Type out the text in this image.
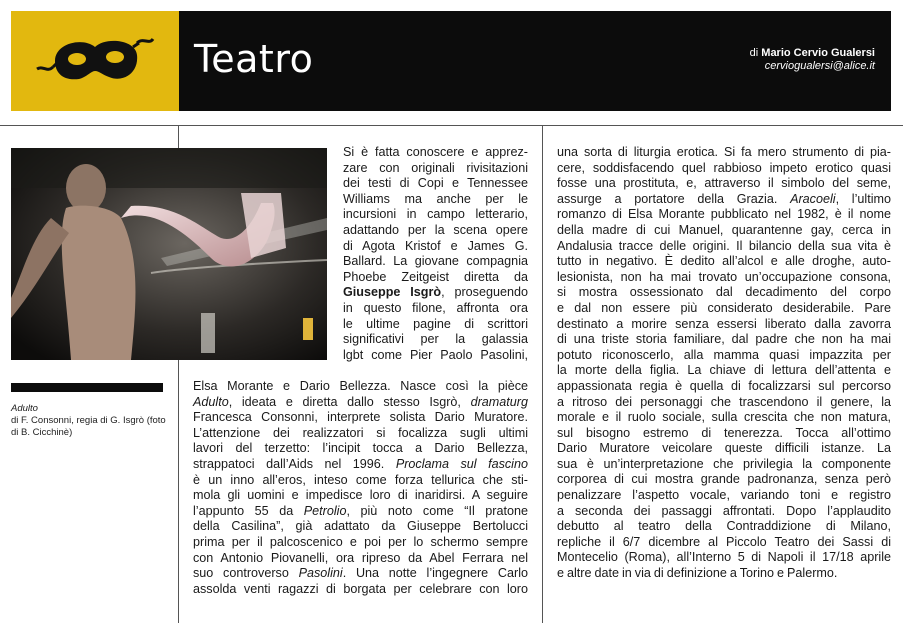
Teatro	di Mario Cervio Gualersi
cerviogualersi@alice.it
Adulto
di F. Consonni, regia di G. Isgrò (foto di B. Cicchinè)
Si è fatta conoscere e apprez-
zare con originali rivisitazioni
dei testi di Copi e Tennessee
Williams ma anche per le
incursioni in campo letterario,
adattando per la scena opere
di Agota Kristof e James G.
Ballard. La giovane compagnia
Phoebe Zeitgeist diretta da
Giuseppe Isgrò, proseguendo
in questo filone, affronta ora
le ultime pagine di scrittori
significativi per la galassia
lgbt come Pier Paolo Pasolini,
Elsa Morante e Dario Bellezza. Nasce così la pièce
Adulto, ideata e diretta dallo stesso Isgrò, dramaturg
Francesca Consonni, interprete solista Dario Muratore.
L’attenzione dei realizzatori si focalizza sugli ultimi
lavori del terzetto: l’incipit tocca a Dario Bellezza,
strappatoci dall’Aids nel 1996. Proclama sul fascino
è un inno all’eros, inteso come forza tellurica che sti-
mola gli uomini e impedisce loro di inaridirsi. A seguire
l’appunto 55 da Petrolio, più noto come “Il pratone
della Casilina”, già adattato da Giuseppe Bertolucci
prima per il palcoscenico e poi per lo schermo sempre
con Antonio Piovanelli, ora ripreso da Abel Ferrara nel
suo controverso Pasolini. Una notte l’ingegnere Carlo
assolda venti ragazzi di borgata per celebrare con loro
una sorta di liturgia erotica. Si fa mero strumento di pia-
cere, soddisfacendo quel rabbioso impeto erotico quasi
fosse una prostituta, e, attraverso il simbolo del seme,
assurge a portatore della Grazia. Aracoeli, l’ultimo
romanzo di Elsa Morante pubblicato nel 1982, è il nome
della madre di cui Manuel, quarantenne gay, cerca in
Andalusia tracce delle origini. Il bilancio della sua vita è
tutto in negativo. È dedito all’alcol e alle droghe, auto-
lesionista, non ha mai trovato un’occupazione consona,
si mostra ossessionato dal decadimento del corpo
e dal non essere più considerato desiderabile. Pare
destinato a morire senza essersi liberato dalla zavorra
di una triste storia familiare, dal padre che non ha mai
potuto riconoscerlo, alla mamma quasi impazzita per
la morte della figlia. La chiave di lettura dell’attenta e
appassionata regia è quella di focalizzarsi sul percorso
a ritroso dei personaggi che trascendono il genere, la
morale e il ruolo sociale, sulla crescita che non matura,
sul bisogno estremo di tenerezza. Tocca all’ottimo
Dario Muratore veicolare queste difficili istanze. La
sua è un’interpretazione che privilegia la componente
corporea di cui mostra grande padronanza, senza però
penalizzare l’aspetto vocale, variando toni e registro
a seconda dei passaggi affrontati. Dopo l’applaudito
debutto al teatro della Contraddizione di Milano,
repliche il 6/7 dicembre al Piccolo Teatro dei Sassi di
Montecelio (Roma), all’Interno 5 di Napoli il 17/18 aprile
e altre date in via di definizione a Torino e Palermo.
